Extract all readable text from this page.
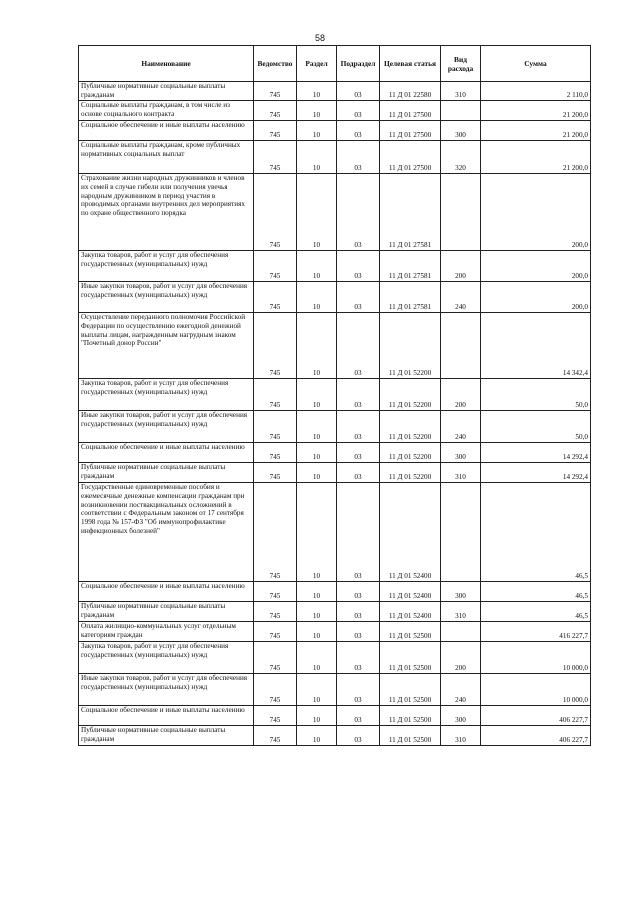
58
Наименование	Ведомство	Раздел	Подраздел	Целевая статья	Вид расхода	Сумма
Публичные нормативные социальные выплаты гражданам	745	10	03	11 Д 01 22580	310	2 110,0
Социальные выплаты гражданам, в том числе из основе социального контракта	745	10	03	11 Д 01 27500		21 200,0
Социальное обеспечение и иные выплаты населению	745	10	03	11 Д 01 27500	300	21 200,0
Социальные выплаты гражданам, кроме публичных нормативных социальных выплат	745	10	03	11 Д 01 27500	320	21 200,0
Страхование жизни народных дружинников и членов их семей в случае гибели или получения увечья народным дружинником в период участия в проводимых органами внутренних дел мероприятиях по охране общественного порядка	745	10	03	11 Д 01 27581		200,0
Закупка товаров, работ и услуг для обеспечения государственных (муниципальных) нужд	745	10	03	11 Д 01 27581	200	200,0
Иные закупки товаров, работ и услуг для обеспечения государственных (муниципальных) нужд	745	10	03	11 Д 01 27581	240	200,0
Осуществление переданного полномочия Российской Федерации по осуществлению ежегодной денежной выплаты лицам, награжденным нагрудным знаком "Почетный донор России"	745	10	03	11 Д 01 52200		14 342,4
Закупка товаров, работ и услуг для обеспечения государственных (муниципальных) нужд	745	10	03	11 Д 01 52200	200	50,0
Иные закупки товаров, работ и услуг для обеспечения государственных (муниципальных) нужд	745	10	03	11 Д 01 52200	240	50,0
Социальное обеспечение и иные выплаты населению	745	10	03	11 Д 01 52200	300	14 292,4
Публичные нормативные социальные выплаты гражданам	745	10	03	11 Д 01 52200	310	14 292,4
Государственные единовременные пособия и ежемесячные денежные компенсации гражданам при возникновении поствакцинальных осложнений в соответствии с Федеральным законом от 17 сентября 1998 года № 157-ФЗ "Об иммунопрофилактике инфекционных болезней"	745	10	03	11 Д 01 52400		46,5
Социальное обеспечение и иные выплаты населению	745	10	03	11 Д 01 52400	300	46,5
Публичные нормативные социальные выплаты гражданам	745	10	03	11 Д 01 52400	310	46,5
Оплата жилищно-коммунальных услуг отдельным категориям граждан	745	10	03	11 Д 01 52500		416 227,7
Закупка товаров, работ и услуг для обеспечения государственных (муниципальных) нужд	745	10	03	11 Д 01 52500	200	10 000,0
Иные закупки товаров, работ и услуг для обеспечения государственных (муниципальных) нужд	745	10	03	11 Д 01 52500	240	10 000,0
Социальное обеспечение и иные выплаты населению	745	10	03	11 Д 01 52500	300	406 227,7
Публичные нормативные социальные выплаты гражданам	745	10	03	11 Д 01 52500	310	406 227,7
